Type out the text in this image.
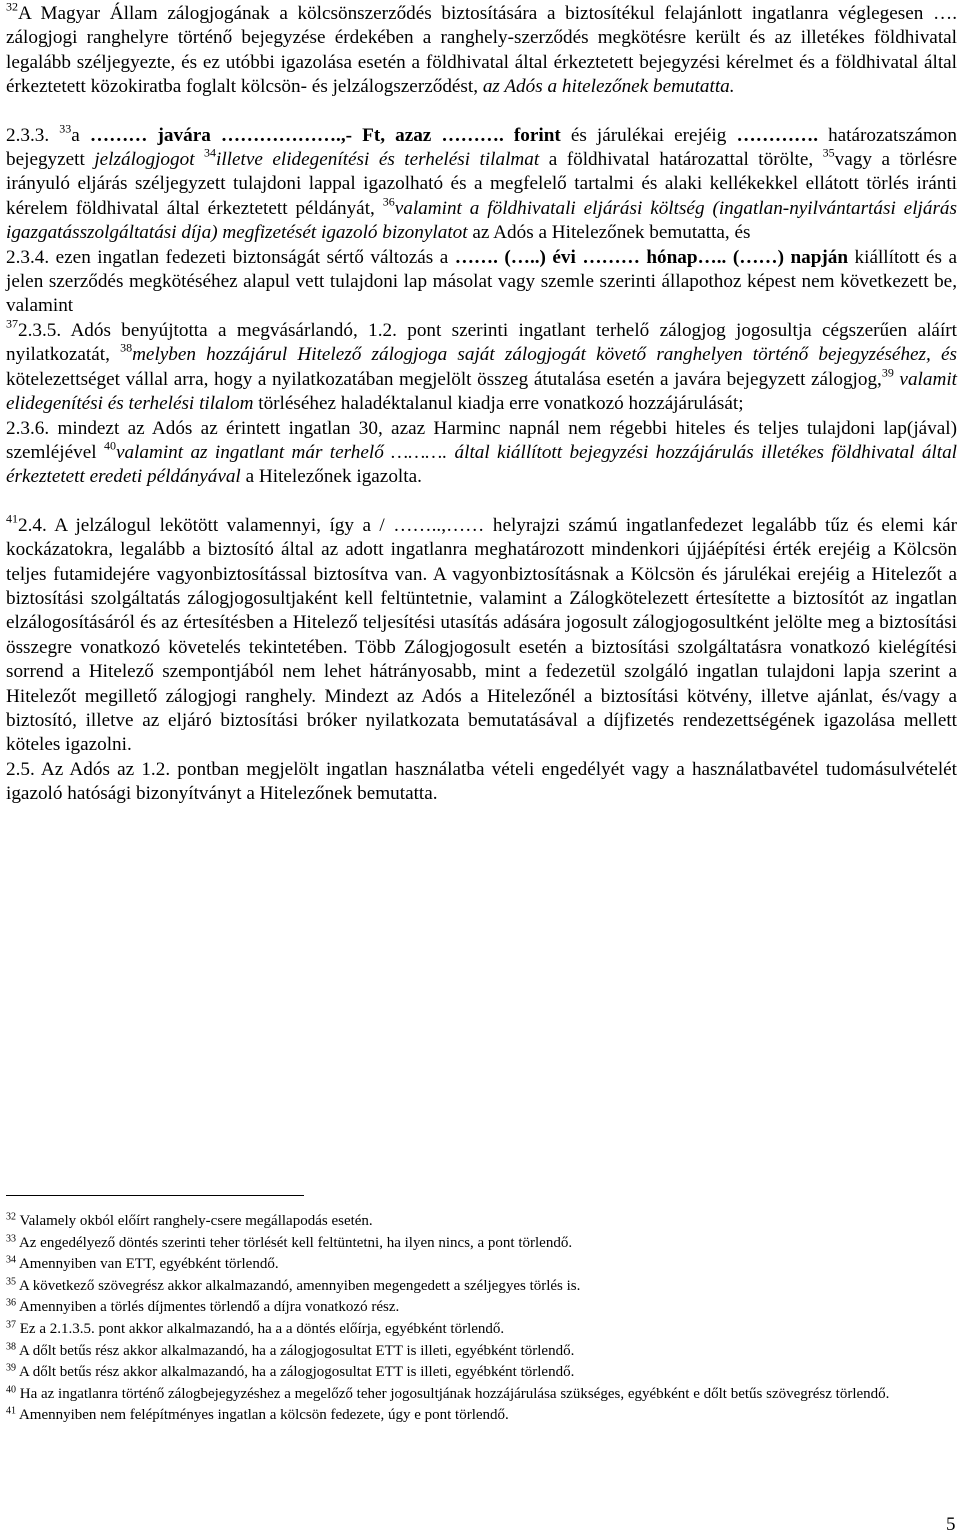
$^{32}$A Magyar Állam zálogjogának a kölcsönszerződés biztosítására a biztosítékul felajánlott ingatlanra véglegesen …. zálogjogi ranghelyre történő bejegyzése érdekében a ranghely-szerződés megkötésre került és az illetékes földhivatal legalább széljegyezte, és ez utóbbi igazolása esetén a földhivatal által érkeztetett bejegyzési kérelmet és a földhivatal által érkeztetett közokiratba foglalt kölcsön- és jelzálogszerződést, az Adós a hitelezőnek bemutatta.

2.3.3. $^{33}$a ……… javára ……………….,- Ft, azaz ………. forint és járulékai erejéig …………. határozatszámon bejegyzett jelzálogjogot $^{34}$illetve elidegenítési és terhelési tilalmat a földhivatal határozattal törölte, $^{35}$vagy a törlésre irányuló eljárás széljegyzett tulajdoni lappal igazolható és a megfelelő tartalmi és alaki kellékekkel ellátott törlés iránti kérelem földhivatal által érkeztetett példányát, $^{36}$valamint a földhivatali eljárási költség (ingatlan-nyilvántartási eljárás igazgatásszolgáltatási díja) megfizetését igazoló bizonylatot az Adós a Hitelezőnek bemutatta, és

2.3.4. ezen ingatlan fedezeti biztonságát sértő változás a ……. (…..) évi ……… hónap….. (……) napján kiállított és a jelen szerződés megkötéséhez alapul vett tulajdoni lap másolat vagy szemle szerinti állapothoz képest nem következett be, valamint

$^{37}$2.3.5. Adós benyújtotta a megvásárlandó, 1.2. pont szerinti ingatlant terhelő zálogjog jogosultja cégszerűen aláírt nyilatkozatát, $^{38}$melyben hozzájárul Hitelező zálogjoga saját zálogjogát követő ranghelyen történő bejegyzéséhez, és kötelezettséget vállal arra, hogy a nyilatkozatában megjelölt összeg átutalása esetén a javára bejegyzett zálogjog,$^{39}$ valamit elidegenítési és terhelési tilalom törléséhez haladéktalanul kiadja erre vonatkozó hozzájárulását;

2.3.6. mindezt az Adós az érintett ingatlan 30, azaz Harminc napnál nem régebbi hiteles és teljes tulajdoni lap(jával) szemléjével $^{40}$valamint az ingatlant már terhelő ………. által kiállított bejegyzési hozzájárulás illetékes földhivatal által érkeztetett eredeti példányával a Hitelezőnek igazolta.

$^{41}$2.4. A jelzálogul lekötött valamennyi, így a / ……..,…… helyrajzi számú ingatlanfedezet legalább tűz és elemi kár kockázatokra, legalább a biztosító által az adott ingatlanra meghatározott mindenkori újjáépítési érték erejéig a Kölcsön teljes futamidejére vagyonbiztosítással biztosítva van. A vagyonbiztosításnak a Kölcsön és járulékai erejéig a Hitelezőt a biztosítási szolgáltatás zálogjogosultjaként kell feltüntetnie, valamint a Zálogkötelezett értesítette a biztosítót az ingatlan elzálogosításáról és az értesítésben a Hitelező teljesítési utasítás adására jogosult zálogjogosultként jelölte meg a biztosítási összegre vonatkozó követelés tekintetében. Több Zálogjogosult esetén a biztosítási szolgáltatásra vonatkozó kielégítési sorrend a Hitelező szempontjából nem lehet hátrányosabb, mint a fedezetül szolgáló ingatlan tulajdoni lapja szerint a Hitelezőt megillető zálogjogi ranghely. Mindezt az Adós a Hitelezőnél a biztosítási kötvény, illetve ajánlat, és/vagy a biztosító, illetve az eljáró biztosítási bróker nyilatkozata bemutatásával a díjfizetés rendezettségének igazolása mellett köteles igazolni.

2.5. Az Adós az 1.2. pontban megjelölt ingatlan használatba vételi engedélyét vagy a használatbavétel tudomásulvételét igazoló hatósági bizonyítványt a Hitelezőnek bemutatta.

$^{32}$ Valamely okból előírt ranghely-csere megállapodás esetén.

$^{33}$ Az engedélyező döntés szerinti teher törlését kell feltüntetni, ha ilyen nincs, a pont törlendő.

$^{34}$ Amennyiben van ETT, egyébként törlendő.

$^{35}$ A következő szövegrész akkor alkalmazandó, amennyiben megengedett a széljegyes törlés is.

$^{36}$ Amennyiben a törlés díjmentes törlendő a díjra vonatkozó rész.

$^{37}$ Ez a 2.1.3.5. pont akkor alkalmazandó, ha a a döntés előírja, egyébként törlendő.

$^{38}$ A dőlt betűs rész akkor alkalmazandó, ha a zálogjogosultat ETT is illeti, egyébként törlendő.

$^{39}$ A dőlt betűs rész akkor alkalmazandó, ha a zálogjogosultat ETT is illeti, egyébként törlendő.

$^{40}$ Ha az ingatlanra történő zálogbejegyzéshez a megelőző teher jogosultjának hozzájárulása szükséges, egyébként e dőlt betűs szövegrész törlendő.

$^{41}$ Amennyiben nem felépítményes ingatlan a kölcsön fedezete, úgy e pont törlendő.

5
